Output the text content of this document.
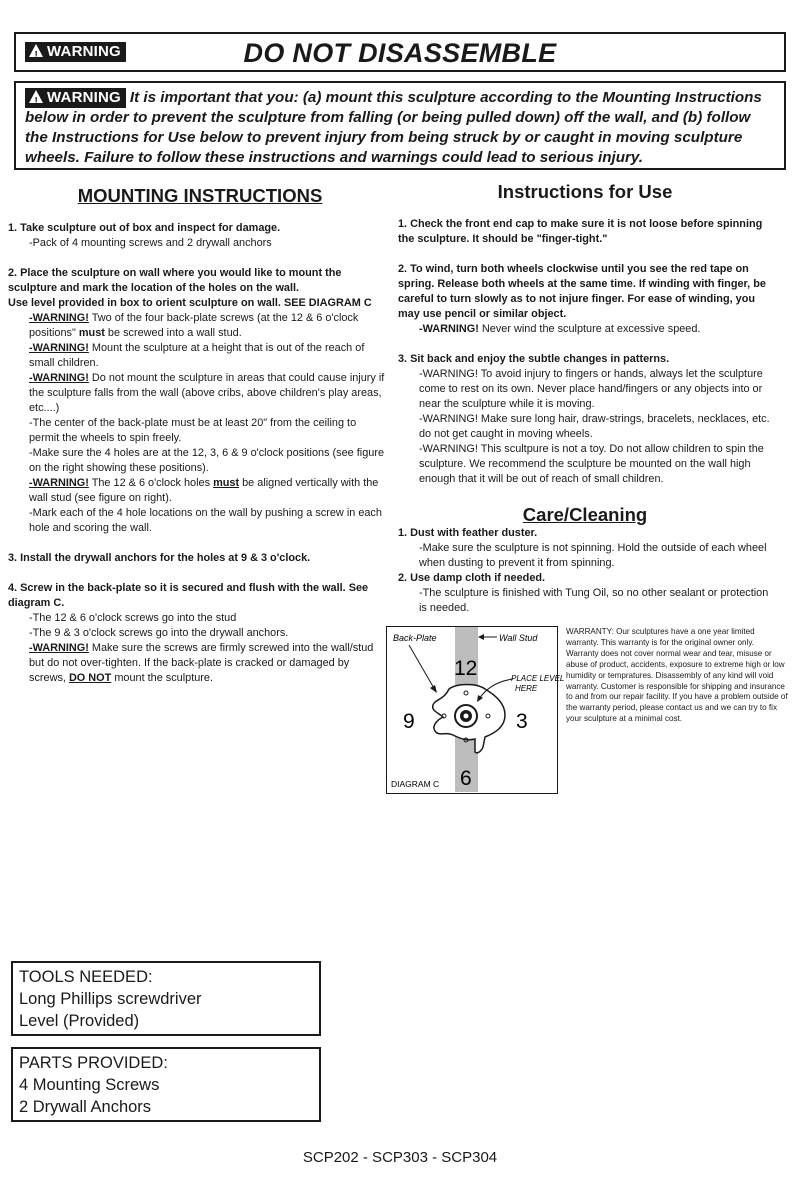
! WARNING	DO NOT DISASSEMBLE

! WARNING It is important that you: (a) mount this sculpture according to the Mounting Instructions below in order to prevent the sculpture from falling (or being pulled down) off the wall, and (b) follow the Instructions for Use below to prevent injury from being struck by or caught in moving sculpture wheels. Failure to follow these instructions and warnings could lead to serious injury.

MOUNTING INSTRUCTIONS	Instructions for Use
Care/Cleaning
1. Take sculpture out of box and inspect for damage.
-Pack of 4 mounting screws and 2 drywall anchors
2. Place the sculpture on wall where you would like to mount the sculpture and mark the location of the holes on the wall.
Use level provided in box to orient sculpture on wall. SEE DIAGRAM C
-WARNING! Two of the four back-plate screws (at the 12 & 6 o'clock positions" must be screwed into a wall stud.
-WARNING! Mount the sculpture at a height that is out of the reach of small children.
-WARNING! Do not mount the sculpture in areas that could cause injury if the sculpture falls from the wall (above cribs, above children's play areas, etc....)
-The center of the back-plate must be at least 20" from the ceiling to permit the wheels to spin freely.
-Make sure the 4 holes are at the 12, 3, 6 & 9 o'clock positions (see figure on the right showing these positions).
-WARNING! The 12 & 6 o'clock holes must be aligned vertically with the wall stud (see figure on right).
-Mark each of the 4 hole locations on the wall by pushing a screw in each hole and scoring the wall.
3. Install the drywall anchors for the holes at 9 & 3 o'clock.
4. Screw in the back-plate so it is secured and flush with the wall. See diagram C.
-The 12 & 6 o'clock screws go into the stud
-The 9 & 3 o'clock screws go into the drywall anchors.
-WARNING! Make sure the screws are firmly screwed into the wall/stud but do not over-tighten. If the back-plate is cracked or damaged by screws, DO NOT mount the sculpture.
1. Check the front end cap to make sure it is not loose before spinning the sculpture. It should be "finger-tight."
2. To wind, turn both wheels clockwise until you see the red tape on spring. Release both wheels at the same time. If winding with finger, be careful to turn slowly as to not injure finger. For ease of winding, you may use pencil or similar object.
-WARNING! Never wind the sculpture at excessive speed.
3. Sit back and enjoy the subtle changes in patterns.
-WARNING! To avoid injury to fingers or hands, always let the sculpture come to rest on its own. Never place hand/fingers or any objects into or near the sculpture while it is moving.
-WARNING! Make sure long hair, draw-strings, bracelets, necklaces, etc. do not get caught in moving wheels.
-WARNING! This scultpure is not a toy. Do not allow children to spin the sculpture. We recommend the sculpture be mounted on the wall high enough that it will be out of reach of small children.
1. Dust with feather duster.
-Make sure the sculpture is not spinning. Hold the outside of each wheel when dusting to prevent it from spinning.
2. Use damp cloth if needed.
-The sculpture is finished with Tung Oil, so no other sealant or protection is needed.
Back-Plate	Wall Stud
12
9	3
6
PLACE LEVEL
HERE
DIAGRAM C
WARRANTY: Our sculptures have a one year limited warranty. This warranty is for the original owner only. Warranty does not cover normal wear and tear, misuse or abuse of product, accidents, exposure to extreme high or low humidity or tempratures. Disassembly of any kind will void warranty. Customer is responsible for shipping and insurance to and from our repair facility. If you have a problem outside of the warranty period, please contact us and we can try to fix your sculpture at a minimal cost.
TOOLS NEEDED:
Long Phillips screwdriver
Level (Provided)
PARTS PROVIDED:
4 Mounting Screws
2 Drywall Anchors
SCP202 - SCP303 - SCP304
